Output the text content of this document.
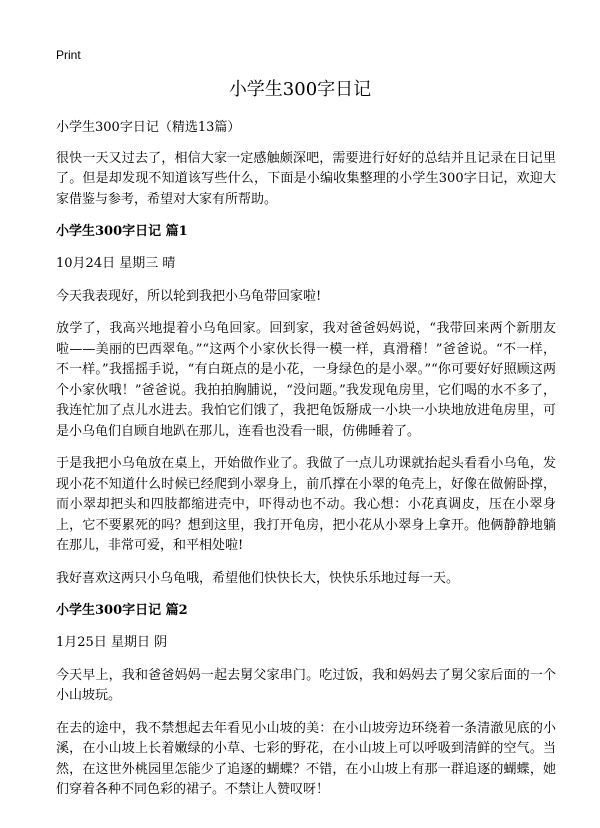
Print
小学生300字日记

小学生300字日记（精选13篇）

很快一天又过去了，相信大家一定感触颇深吧，需要进行好好的总结并且记录在日记里了。但是却发现不知道该写些什么，下面是小编收集整理的小学生300字日记，欢迎大家借鉴与参考，希望对大家有所帮助。

小学生300字日记 篇1

10月24日 星期三 晴

今天我表现好，所以轮到我把小乌龟带回家啦!

放学了，我高兴地提着小乌龟回家。回到家，我对爸爸妈妈说，“我带回来两个新朋友啦——美丽的巴西翠龟。”“这两个小家伙长得一模一样，真滑稽！”爸爸说。“不一样，不一样。”我摇摇手说，“有白斑点的是小花，一身绿色的是小翠。”“你可要好好照顾这两个小家伙哦！”爸爸说。我拍拍胸脯说，“没问题。”我发现龟房里，它们喝的水不多了，我连忙加了点儿水进去。我怕它们饿了，我把龟饭掰成一小块一小块地放进龟房里，可是小乌龟们自顾自地趴在那儿，连看也没看一眼，仿佛睡着了。

于是我把小乌龟放在桌上，开始做作业了。我做了一点儿功课就抬起头看看小乌龟，发现小花不知道什么时候已经爬到小翠身上，前爪撑在小翠的龟壳上，好像在做俯卧撑，而小翠却把头和四肢都缩进壳中，吓得动也不动。我心想：小花真调皮，压在小翠身上，它不要累死的吗？想到这里，我打开龟房，把小花从小翠身上拿开。他俩静静地躺在那儿，非常可爱，和平相处啦!

我好喜欢这两只小乌龟哦，希望他们快快长大，快快乐乐地过每一天。

小学生300字日记 篇2

1月25日 星期日 阴

今天早上，我和爸爸妈妈一起去舅父家串门。吃过饭，我和妈妈去了舅父家后面的一个小山坡玩。

在去的途中，我不禁想起去年看见小山坡的美：在小山坡旁边环绕着一条清澈见底的小溪，在小山坡上长着嫩绿的小草、七彩的野花，在小山坡上可以呼吸到清鲜的空气。当然，在这世外桃园里怎能少了追逐的蝴蝶？不错，在小山坡上有那一群追逐的蝴蝶，她们穿着各种不同色彩的裙子。不禁让人赞叹呀！
